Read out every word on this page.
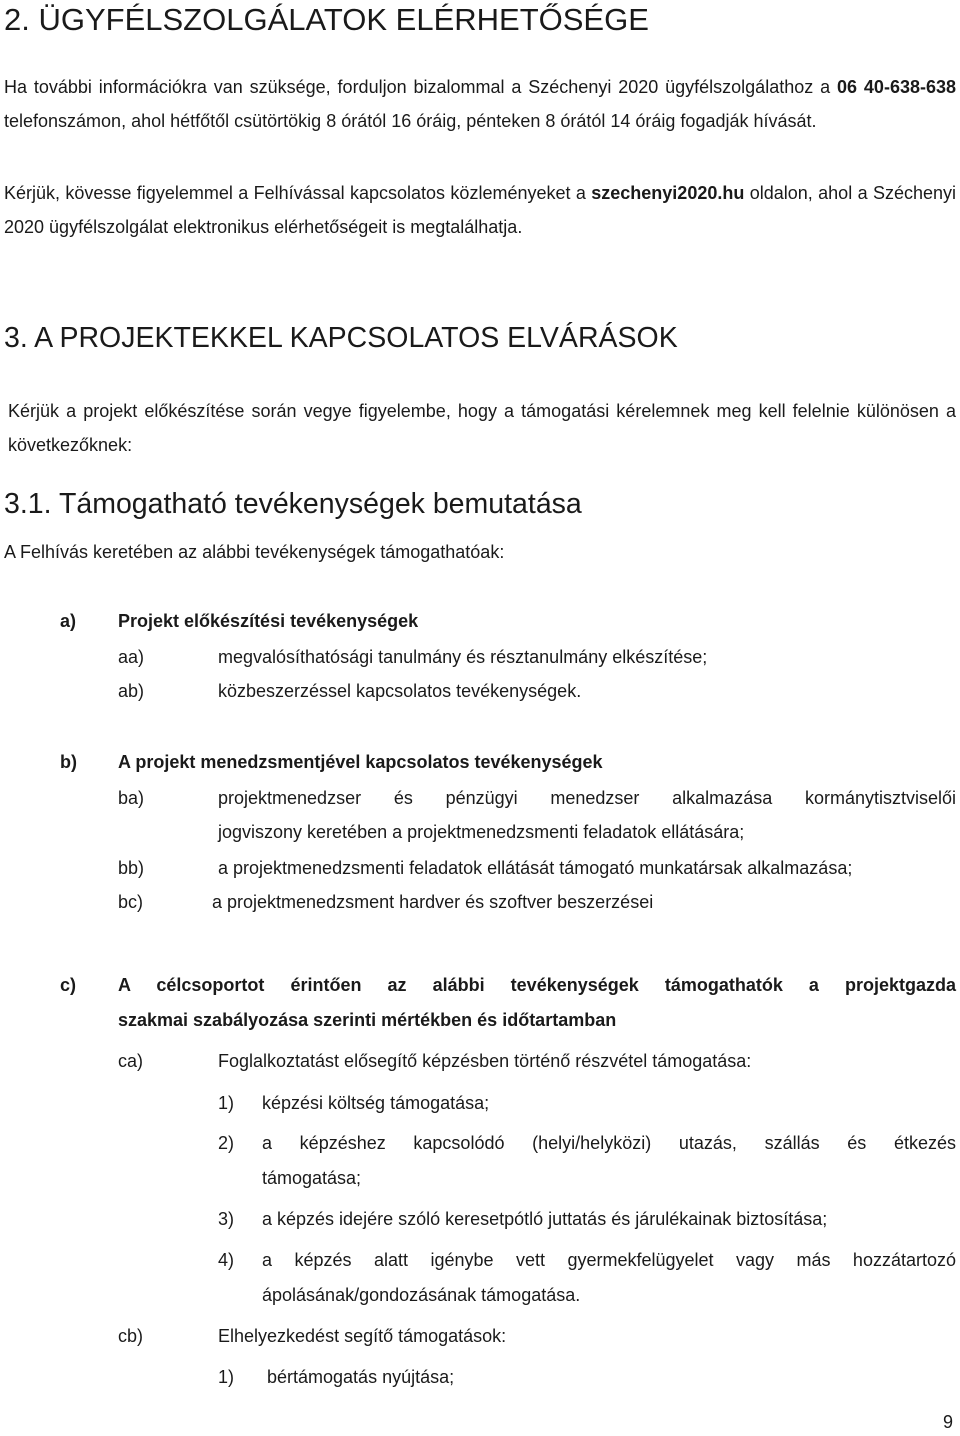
2. ÜGYFÉLSZOLGÁLATOK ELÉRHETŐSÉGE
Ha további információkra van szüksége, forduljon bizalommal a Széchenyi 2020 ügyfélszolgálathoz a 06 40-638-638 telefonszámon, ahol hétfőtől csütörtökig 8 órától 16 óráig, pénteken 8 órától 14 óráig fogadják hívását.
Kérjük, kövesse figyelemmel a Felhívással kapcsolatos közleményeket a szechenyi2020.hu oldalon, ahol a Széchenyi 2020 ügyfélszolgálat elektronikus elérhetőségeit is megtalálhatja.
3. A PROJEKTEKKEL KAPCSOLATOS ELVÁRÁSOK
Kérjük a projekt előkészítése során vegye figyelembe, hogy a támogatási kérelemnek meg kell felelnie különösen a következőknek:
3.1. Támogatható tevékenységek bemutatása
A Felhívás keretében az alábbi tevékenységek támogathatóak:
a) Projekt előkészítési tevékenységek
aa)	megvalósíthatósági tanulmány és résztanulmány elkészítése;
ab)	közbeszerzéssel kapcsolatos tevékenységek.
b) A projekt menedzsmentjével kapcsolatos tevékenységek
ba)	projektmenedzser és pénzügyi menedzser alkalmazása kormánytisztviselői
jogviszony keretében a projektmenedzsmenti feladatok ellátására;
bb)	a projektmenedzsmenti feladatok ellátását támogató munkatársak alkalmazása;
bc)	a projektmenedzsment hardver és szoftver beszerzései
c) A célcsoportot érintően az alábbi tevékenységek támogathatók a projektgazda
szakmai szabályozása szerinti mértékben és időtartamban
ca)	Foglalkoztatást elősegítő képzésben történő részvétel támogatása:
1) képzési költség támogatása;
2) a képzéshez kapcsolódó (helyi/helyközi) utazás, szállás és étkezés
támogatása;
3) a képzés idejére szóló keresetpótló juttatás és járulékainak biztosítása;
4) a képzés alatt igénybe vett gyermekfelügyelet vagy más hozzátartozó
ápolásának/gondozásának támogatása.
cb)	Elhelyezkedést segítő támogatások:
1) bértámogatás nyújtása;
9
